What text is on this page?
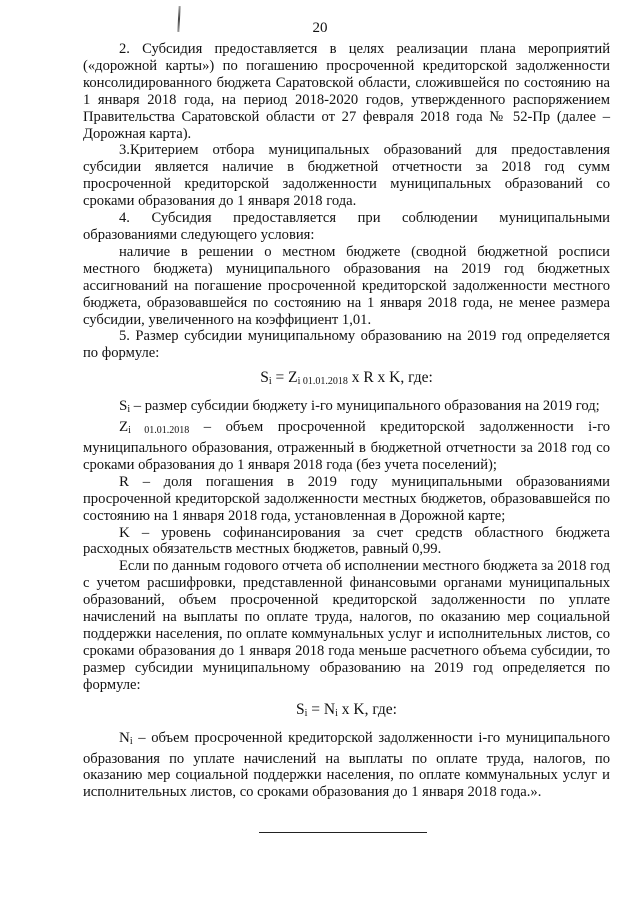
20

2. Субсидия предоставляется в целях реализации плана мероприятий («дорожной карты») по погашению просроченной кредиторской задолженности консолидированного бюджета Саратовской области, сложившейся по состоянию на 1 января 2018 года, на период 2018-2020 годов, утвержденного распоряжением Правительства Саратовской области от 27 февраля 2018 года № 52-Пр (далее – Дорожная карта).

3.Критерием отбора муниципальных образований для предоставления субсидии является наличие в бюджетной отчетности за 2018 год сумм просроченной кредиторской задолженности муниципальных образований со сроками образования до 1 января 2018 года.

4. Субсидия предоставляется при соблюдении муниципальными образованиями следующего условия:

наличие в решении о местном бюджете (сводной бюджетной росписи местного бюджета) муниципального образования на 2019 год бюджетных ассигнований на погашение просроченной кредиторской задолженности местного бюджета, образовавшейся по состоянию на 1 января 2018 года, не менее размера субсидии, увеличенного на коэффициент 1,01.

5. Размер субсидии муниципальному образованию на 2019 год определяется по формуле:

$S_i = Z_{i 01.01.2018}$ x R x K, где:

$S_i$ – размер субсидии бюджету i-го муниципального образования на 2019 год;

$Z_{i 01.01.2018}$ – объем просроченной кредиторской задолженности i-го муниципального образования, отраженный в бюджетной отчетности за 2018 год со сроками образования до 1 января 2018 года (без учета поселений);

R – доля погашения в 2019 году муниципальными образованиями просроченной кредиторской задолженности местных бюджетов, образовавшейся по состоянию на 1 января 2018 года, установленная в Дорожной карте;

K – уровень софинансирования за счет средств областного бюджета расходных обязательств местных бюджетов, равный 0,99.

Если по данным годового отчета об исполнении местного бюджета за 2018 год с учетом расшифровки, представленной финансовыми органами муниципальных образований, объем просроченной кредиторской задолженности по уплате начислений на выплаты по оплате труда, налогов, по оказанию мер социальной поддержки населения, по оплате коммунальных услуг и исполнительных листов, со сроками образования до 1 января 2018 года меньше расчетного объема субсидии, то размер субсидии муниципальному образованию на 2019 год определяется по формуле:

$S_i = N_i$ x K, где:

$N_i$ – объем просроченной кредиторской задолженности i-го муниципального образования по уплате начислений на выплаты по оплате труда, налогов, по оказанию мер социальной поддержки населения, по оплате коммунальных услуг и исполнительных листов, со сроками образования до 1 января 2018 года.».
